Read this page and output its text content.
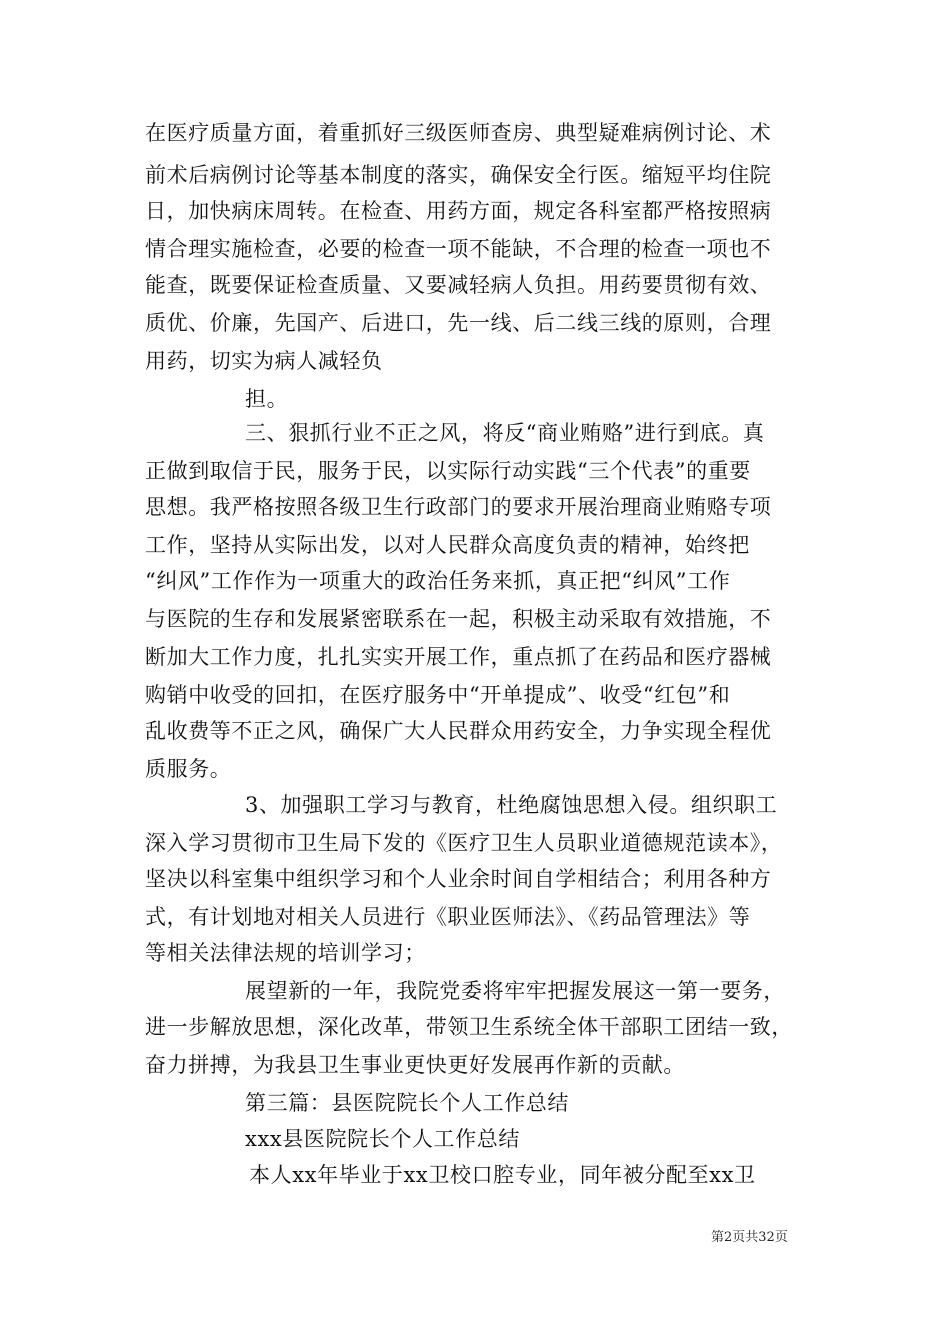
在医疗质量方面，着重抓好三级医师查房、典型疑难病例讨论、术
前术后病例讨论等基本制度的落实，确保安全行医。缩短平均住院
日，加快病床周转。在检查、用药方面，规定各科室都严格按照病
情合理实施检查，必要的检查一项不能缺，不合理的检查一项也不
能查，既要保证检查质量、又要减轻病人负担。用药要贯彻有效、
质优、价廉，先国产、后进口，先一线、后二线三线的原则，合理
用药，切实为病人减轻负
担。
三、狠抓行业不正之风，将反“商业贿赂”进行到底。真
正做到取信于民，服务于民，以实际行动实践“三个代表”的重要
思想。我严格按照各级卫生行政部门的要求开展治理商业贿赂专项
工作，坚持从实际出发，以对人民群众高度负责的精神，始终把
“纠风”工作作为一项重大的政治任务来抓，真正把“纠风”工作
与医院的生存和发展紧密联系在一起，积极主动采取有效措施，不
断加大工作力度，扎扎实实开展工作，重点抓了在药品和医疗器械
购销中收受的回扣，在医疗服务中“开单提成”、收受“红包”和
乱收费等不正之风，确保广大人民群众用药安全，力争实现全程优
质服务。
3、加强职工学习与教育，杜绝腐蚀思想入侵。组织职工
深入学习贯彻市卫生局下发的《医疗卫生人员职业道德规范读本》，
坚决以科室集中组织学习和个人业余时间自学相结合；利用各种方
式，有计划地对相关人员进行《职业医师法》、《药品管理法》等
等相关法律法规的培训学习；
展望新的一年，我院党委将牢牢把握发展这一第一要务，
进一步解放思想，深化改革，带领卫生系统全体干部职工团结一致，
奋力拼搏，为我县卫生事业更快更好发展再作新的贡献。
第三篇：县医院院长个人工作总结
xxx县医院院长个人工作总结
本人xx年毕业于xx卫校口腔专业，同年被分配至xx卫
第2页共32页
